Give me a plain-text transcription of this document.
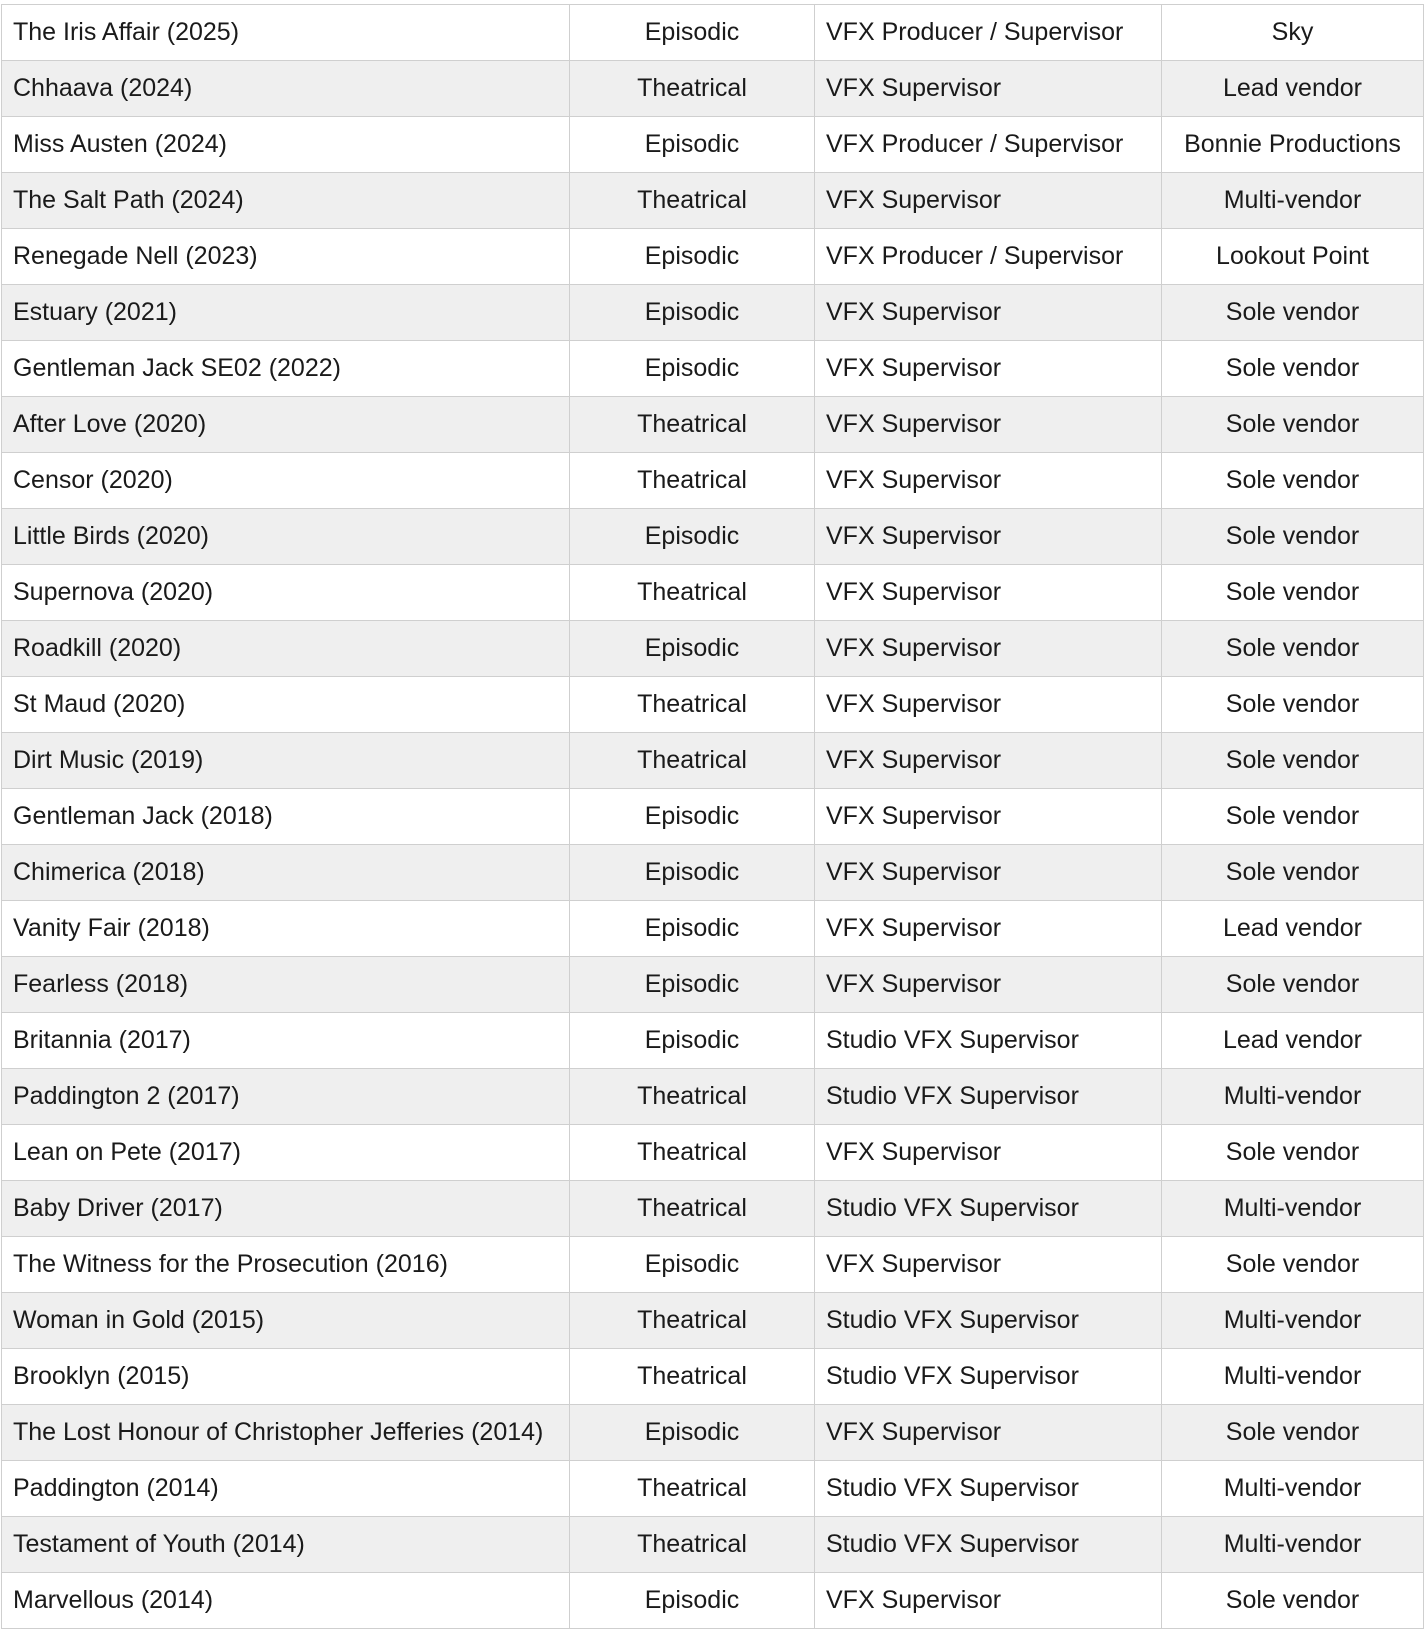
The Iris Affair (2025)	Episodic	VFX Producer / Supervisor	Sky
Chhaava (2024)	Theatrical	VFX Supervisor	Lead vendor
Miss Austen (2024)	Episodic	VFX Producer / Supervisor	Bonnie Productions
The Salt Path (2024)	Theatrical	VFX Supervisor	Multi-vendor
Renegade Nell (2023)	Episodic	VFX Producer / Supervisor	Lookout Point
Estuary (2021)	Episodic	VFX Supervisor	Sole vendor
Gentleman Jack SE02 (2022)	Episodic	VFX Supervisor	Sole vendor
After Love (2020)	Theatrical	VFX Supervisor	Sole vendor
Censor (2020)	Theatrical	VFX Supervisor	Sole vendor
Little Birds (2020)	Episodic	VFX Supervisor	Sole vendor
Supernova (2020)	Theatrical	VFX Supervisor	Sole vendor
Roadkill (2020)	Episodic	VFX Supervisor	Sole vendor
St Maud (2020)	Theatrical	VFX Supervisor	Sole vendor
Dirt Music (2019)	Theatrical	VFX Supervisor	Sole vendor
Gentleman Jack (2018)	Episodic	VFX Supervisor	Sole vendor
Chimerica (2018)	Episodic	VFX Supervisor	Sole vendor
Vanity Fair (2018)	Episodic	VFX Supervisor	Lead vendor
Fearless (2018)	Episodic	VFX Supervisor	Sole vendor
Britannia (2017)	Episodic	Studio VFX Supervisor	Lead vendor
Paddington 2 (2017)	Theatrical	Studio VFX Supervisor	Multi-vendor
Lean on Pete (2017)	Theatrical	VFX Supervisor	Sole vendor
Baby Driver (2017)	Theatrical	Studio VFX Supervisor	Multi-vendor
The Witness for the Prosecution (2016)	Episodic	VFX Supervisor	Sole vendor
Woman in Gold (2015)	Theatrical	Studio VFX Supervisor	Multi-vendor
Brooklyn (2015)	Theatrical	Studio VFX Supervisor	Multi-vendor
The Lost Honour of Christopher Jefferies (2014)	Episodic	VFX Supervisor	Sole vendor
Paddington (2014)	Theatrical	Studio VFX Supervisor	Multi-vendor
Testament of Youth (2014)	Theatrical	Studio VFX Supervisor	Multi-vendor
Marvellous (2014)	Episodic	VFX Supervisor	Sole vendor
